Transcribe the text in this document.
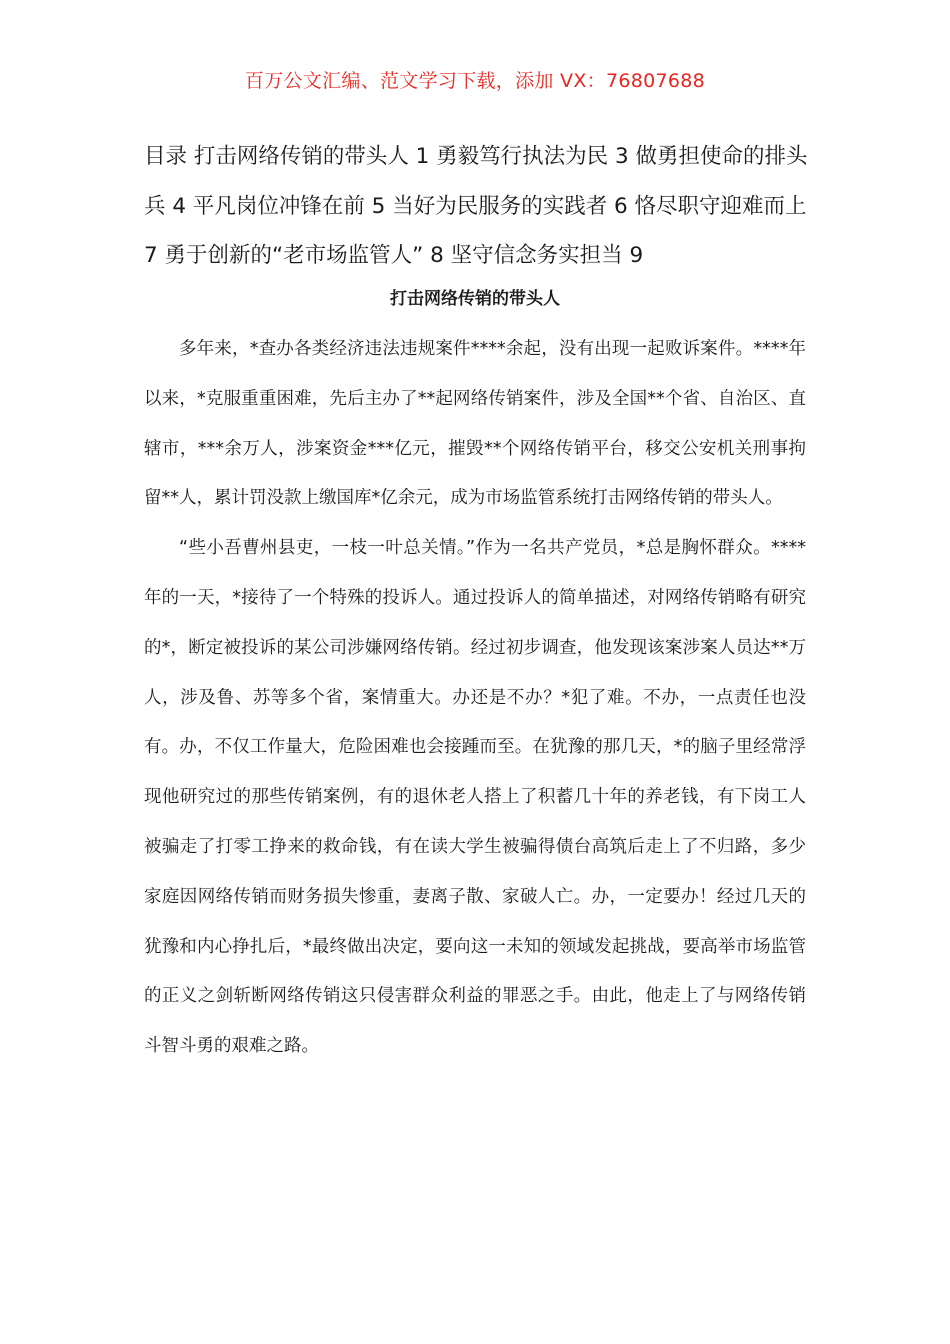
百万公文汇编、范文学习下载，添加 VX：76807688

目录 打击网络传销的带头人 1 勇毅笃行执法为民 3 做勇担使命的排头兵 4 平凡岗位冲锋在前 5 当好为民服务的实践者 6 恪尽职守迎难而上 7 勇于创新的“老市场监管人” 8 坚守信念务实担当 9

打击网络传销的带头人

多年来，*查办各类经济违法违规案件****余起，没有出现一起败诉案件。****年以来，*克服重重困难，先后主办了**起网络传销案件，涉及全国**个省、自治区、直辖市，***余万人，涉案资金***亿元，摧毁**个网络传销平台，移交公安机关刑事拘留**人，累计罚没款上缴国库*亿余元，成为市场监管系统打击网络传销的带头人。

“些小吾曹州县吏，一枝一叶总关情。”作为一名共产党员，*总是胸怀群众。****年的一天，*接待了一个特殊的投诉人。通过投诉人的简单描述，对网络传销略有研究的*，断定被投诉的某公司涉嫌网络传销。经过初步调查，他发现该案涉案人员达**万人，涉及鲁、苏等多个省，案情重大。办还是不办？*犯了难。不办，一点责任也没有。办，不仅工作量大，危险困难也会接踵而至。在犹豫的那几天，*的脑子里经常浮现他研究过的那些传销案例，有的退休老人搭上了积蓄几十年的养老钱，有下岗工人被骗走了打零工挣来的救命钱，有在读大学生被骗得债台高筑后走上了不归路，多少家庭因网络传销而财务损失惨重，妻离子散、家破人亡。办，一定要办！经过几天的犹豫和内心挣扎后，*最终做出决定，要向这一未知的领域发起挑战，要高举市场监管的正义之剑斩断网络传销这只侵害群众利益的罪恶之手。由此，他走上了与网络传销斗智斗勇的艰难之路。
